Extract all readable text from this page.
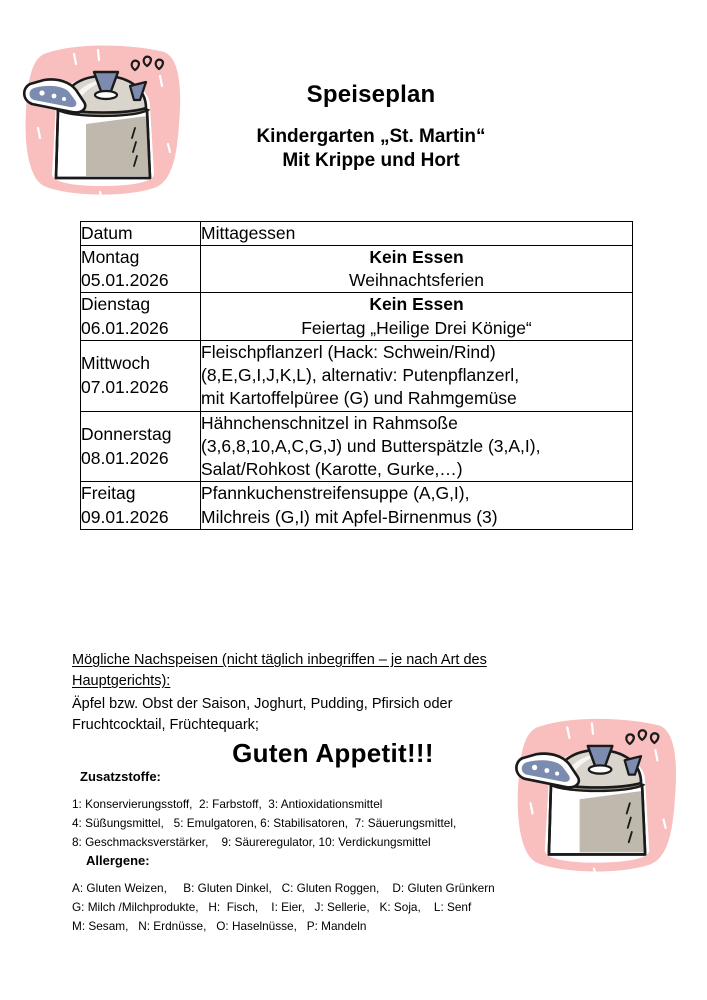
Speiseplan
Kindergarten „St. Martin“
Mit Krippe und Hort
Datum	Mittagessen

Montag
05.01.2026	Kein Essen
Weihnachtsferien

Dienstag
06.01.2026	Kein Essen
Feiertag „Heilige Drei Könige“

Mittwoch
07.01.2026	Fleischpflanzerl (Hack: Schwein/Rind)
(8,E,G,I,J,K,L), alternativ: Putenpflanzerl,
mit Kartoffelpüree (G) und Rahmgemüse

Donnerstag
08.01.2026	Hähnchenschnitzel in Rahmsoße
(3,6,8,10,A,C,G,J) und Butterspätzle (3,A,I),
Salat/Rohkost (Karotte, Gurke,…)

Freitag
09.01.2026	Pfannkuchenstreifensuppe (A,G,I),
Milchreis (G,I) mit Apfel-Birnenmus (3)
Mögliche Nachspeisen (nicht täglich inbegriffen – je nach Art des Hauptgerichts):
Äpfel bzw. Obst der Saison, Joghurt, Pudding, Pfirsich oder
Fruchtcocktail, Früchtequark;
Guten Appetit!!!
Zusatzstoffe:
1: Konservierungsstoff,  2: Farbstoff,  3: Antioxidationsmittel
4: Süßungsmittel,   5: Emulgatoren, 6: Stabilisatoren,  7: Säuerungsmittel,
8: Geschmacksverstärker,    9: Säureregulator, 10: Verdickungsmittel
Allergene:
A: Gluten Weizen,     B: Gluten Dinkel,   C: Gluten Roggen,    D: Gluten Grünkern
G: Milch /Milchprodukte,   H:  Fisch,    I: Eier,   J: Sellerie,   K: Soja,    L: Senf
M: Sesam,   N: Erdnüsse,   O: Haselnüsse,   P: Mandeln
